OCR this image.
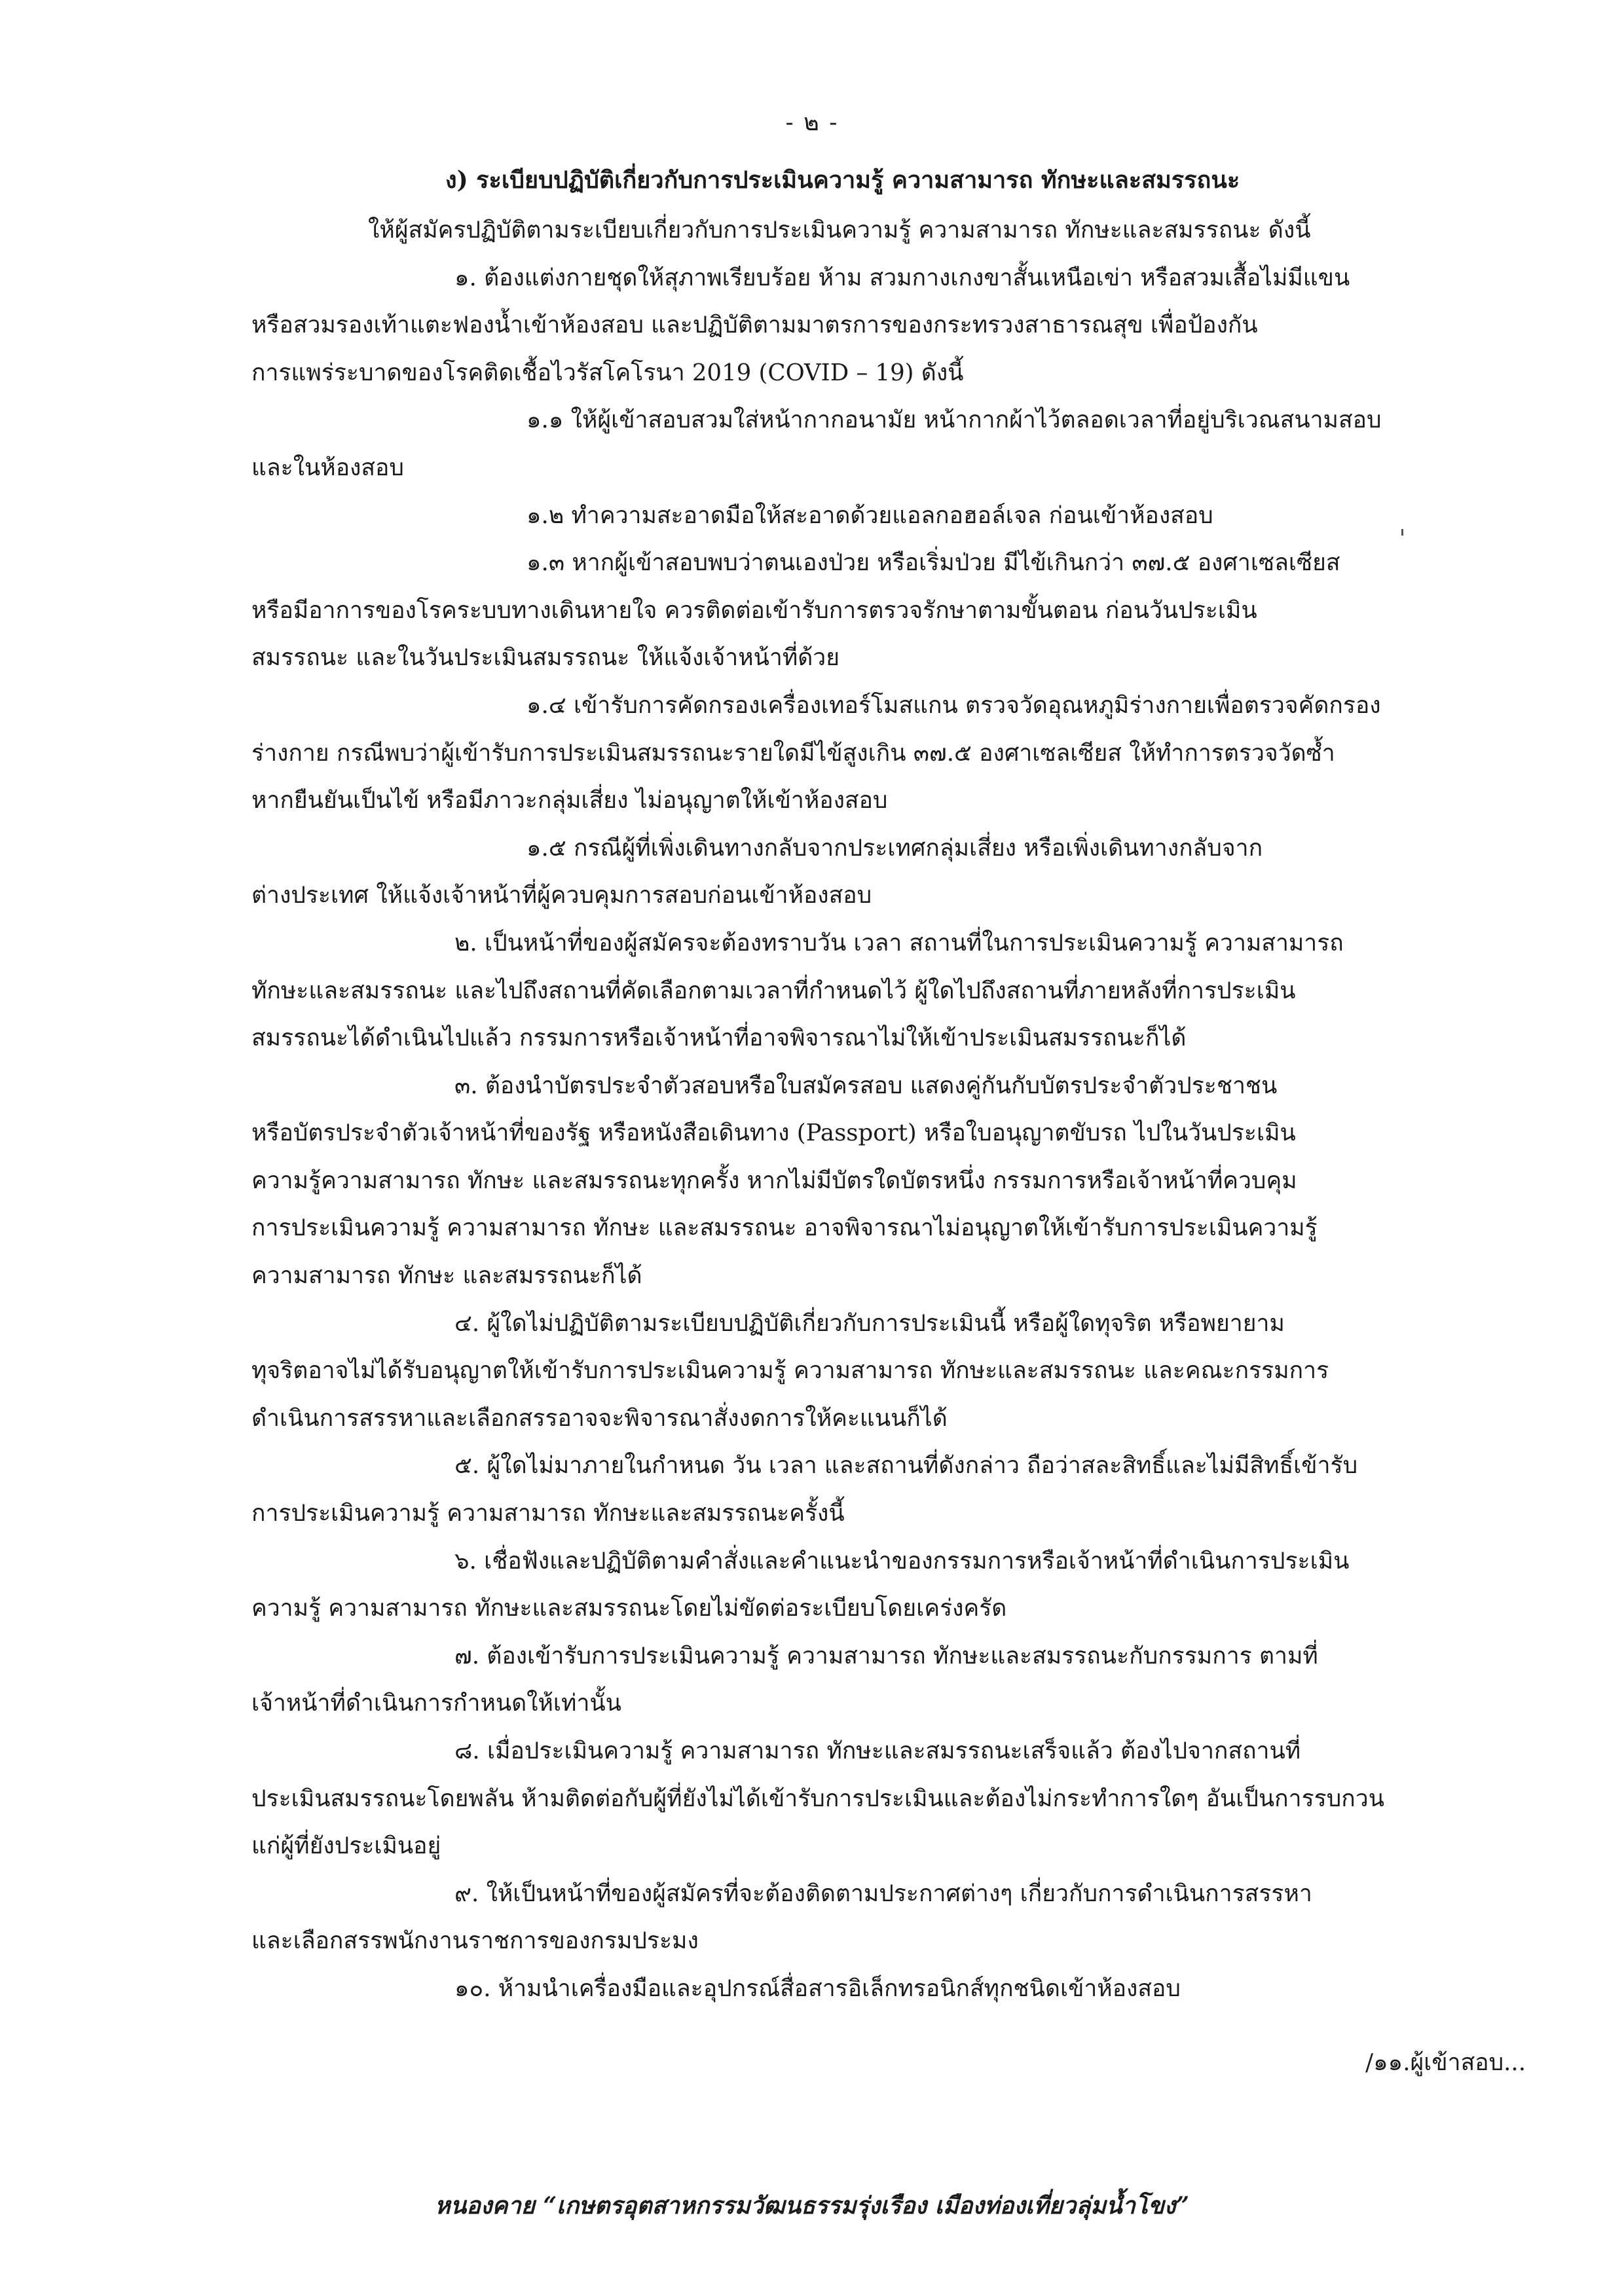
- ๒ -
ง) ระเบียบปฏิบัติเกี่ยวกับการประเมินความรู้ ความสามารถ ทักษะและสมรรถนะ
ให้ผู้สมัครปฏิบัติตามระเบียบเกี่ยวกับการประเมินความรู้ ความสามารถ ทักษะและสมรรถนะ ดังนี้
๑. ต้องแต่งกายชุดให้สุภาพเรียบร้อย ห้าม สวมกางเกงขาสั้นเหนือเข่า หรือสวมเสื้อไม่มีแขน
หรือสวมรองเท้าแตะฟองน้ำเข้าห้องสอบ และปฏิบัติตามมาตรการของกระทรวงสาธารณสุข เพื่อป้องกัน
การแพร่ระบาดของโรคติดเชื้อไวรัสโคโรนา 2019 (COVID – 19) ดังนี้
๑.๑ ให้ผู้เข้าสอบสวมใส่หน้ากากอนามัย หน้ากากผ้าไว้ตลอดเวลาที่อยู่บริเวณสนามสอบ
และในห้องสอบ
๑.๒ ทำความสะอาดมือให้สะอาดด้วยแอลกอฮอล์เจล ก่อนเข้าห้องสอบ
๑.๓ หากผู้เข้าสอบพบว่าตนเองป่วย หรือเริ่มป่วย มีไข้เกินกว่า ๓๗.๕ องศาเซลเซียส
หรือมีอาการของโรคระบบทางเดินหายใจ ควรติดต่อเข้ารับการตรวจรักษาตามขั้นตอน ก่อนวันประเมิน
สมรรถนะ และในวันประเมินสมรรถนะ ให้แจ้งเจ้าหน้าที่ด้วย
๑.๔ เข้ารับการคัดกรองเครื่องเทอร์โมสแกน ตรวจวัดอุณหภูมิร่างกายเพื่อตรวจคัดกรอง
ร่างกาย กรณีพบว่าผู้เข้ารับการประเมินสมรรถนะรายใดมีไข้สูงเกิน ๓๗.๕ องศาเซลเซียส ให้ทำการตรวจวัดซ้ำ
หากยืนยันเป็นไข้ หรือมีภาวะกลุ่มเสี่ยง ไม่อนุญาตให้เข้าห้องสอบ
๑.๕ กรณีผู้ที่เพิ่งเดินทางกลับจากประเทศกลุ่มเสี่ยง หรือเพิ่งเดินทางกลับจาก
ต่างประเทศ ให้แจ้งเจ้าหน้าที่ผู้ควบคุมการสอบก่อนเข้าห้องสอบ
๒. เป็นหน้าที่ของผู้สมัครจะต้องทราบวัน เวลา สถานที่ในการประเมินความรู้ ความสามารถ
ทักษะและสมรรถนะ และไปถึงสถานที่คัดเลือกตามเวลาที่กำหนดไว้ ผู้ใดไปถึงสถานที่ภายหลังที่การประเมิน
สมรรถนะได้ดำเนินไปแล้ว กรรมการหรือเจ้าหน้าที่อาจพิจารณาไม่ให้เข้าประเมินสมรรถนะก็ได้
๓. ต้องนำบัตรประจำตัวสอบหรือใบสมัครสอบ แสดงคู่กันกับบัตรประจำตัวประชาชน
หรือบัตรประจำตัวเจ้าหน้าที่ของรัฐ หรือหนังสือเดินทาง (Passport) หรือใบอนุญาตขับรถ ไปในวันประเมิน
ความรู้ความสามารถ ทักษะ และสมรรถนะทุกครั้ง หากไม่มีบัตรใดบัตรหนึ่ง กรรมการหรือเจ้าหน้าที่ควบคุม
การประเมินความรู้ ความสามารถ ทักษะ และสมรรถนะ อาจพิจารณาไม่อนุญาตให้เข้ารับการประเมินความรู้
ความสามารถ ทักษะ และสมรรถนะก็ได้
๔. ผู้ใดไม่ปฏิบัติตามระเบียบปฏิบัติเกี่ยวกับการประเมินนี้ หรือผู้ใดทุจริต หรือพยายาม
ทุจริตอาจไม่ได้รับอนุญาตให้เข้ารับการประเมินความรู้ ความสามารถ ทักษะและสมรรถนะ และคณะกรรมการ
ดำเนินการสรรหาและเลือกสรรอาจจะพิจารณาสั่งงดการให้คะแนนก็ได้
๕. ผู้ใดไม่มาภายในกำหนด วัน เวลา และสถานที่ดังกล่าว ถือว่าสละสิทธิ์และไม่มีสิทธิ์เข้ารับ
การประเมินความรู้ ความสามารถ ทักษะและสมรรถนะครั้งนี้
๖. เชื่อฟังและปฏิบัติตามคำสั่งและคำแนะนำของกรรมการหรือเจ้าหน้าที่ดำเนินการประเมิน
ความรู้ ความสามารถ ทักษะและสมรรถนะโดยไม่ขัดต่อระเบียบโดยเคร่งครัด
๗. ต้องเข้ารับการประเมินความรู้ ความสามารถ ทักษะและสมรรถนะกับกรรมการ ตามที่
เจ้าหน้าที่ดำเนินการกำหนดให้เท่านั้น
๘. เมื่อประเมินความรู้ ความสามารถ ทักษะและสมรรถนะเสร็จแล้ว ต้องไปจากสถานที่
ประเมินสมรรถนะโดยพลัน ห้ามติดต่อกับผู้ที่ยังไม่ได้เข้ารับการประเมินและต้องไม่กระทำการใดๆ อันเป็นการรบกวน
แก่ผู้ที่ยังประเมินอยู่
๙. ให้เป็นหน้าที่ของผู้สมัครที่จะต้องติดตามประกาศต่างๆ เกี่ยวกับการดำเนินการสรรหา
และเลือกสรรพนักงานราชการของกรมประมง
๑๐. ห้ามนำเครื่องมือและอุปกรณ์สื่อสารอิเล็กทรอนิกส์ทุกชนิดเข้าห้องสอบ
/๑๑.ผู้เข้าสอบ...
หนองคาย “เกษตรอุตสาหกรรมวัฒนธรรมรุ่งเรือง เมืองท่องเที่ยวลุ่มน้ำโขง”
